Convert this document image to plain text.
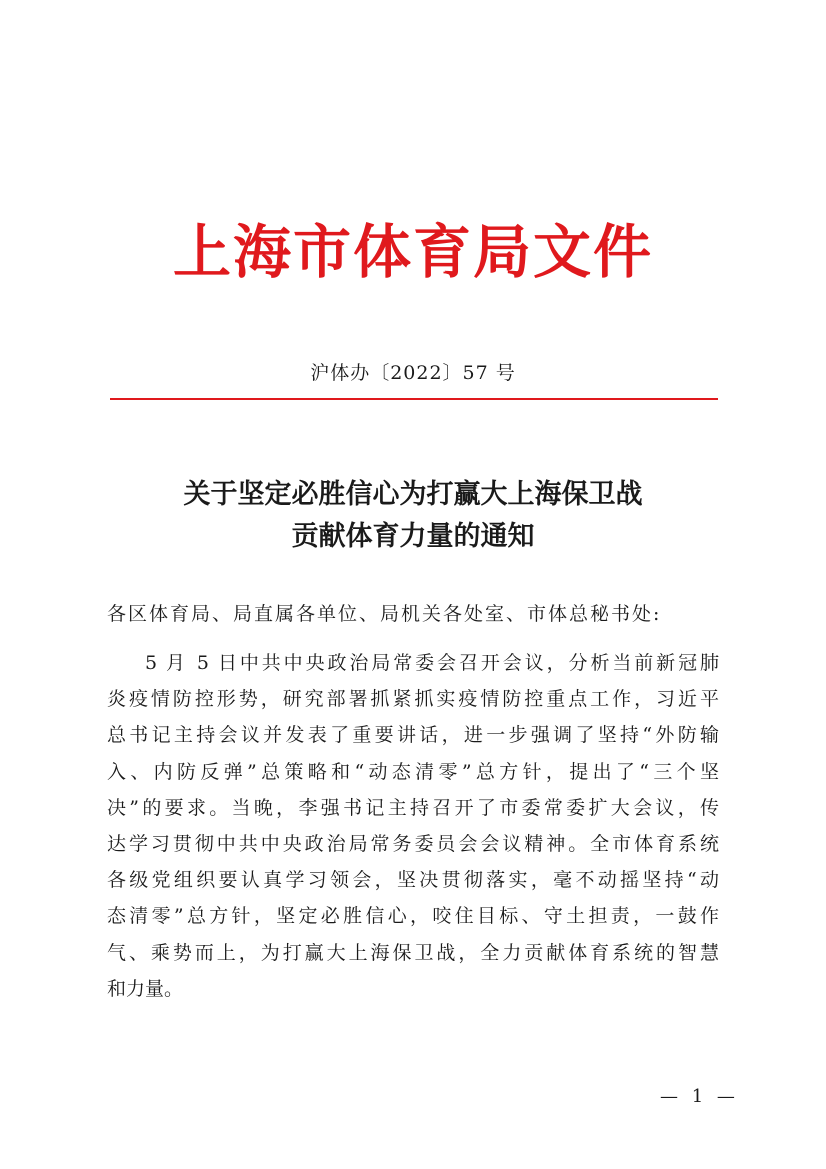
上海市体育局文件
沪体办〔2022〕57 号
关于坚定必胜信心为打赢大上海保卫战
贡献体育力量的通知
各区体育局、局直属各单位、局机关各处室、市体总秘书处:
5 月 5 日中共中央政治局常委会召开会议，分析当前新冠肺
炎疫情防控形势，研究部署抓紧抓实疫情防控重点工作，习近平
总书记主持会议并发表了重要讲话，进一步强调了坚持“外防输
入、内防反弹”总策略和“动态清零”总方针，提出了“三个坚
决”的要求。当晚，李强书记主持召开了市委常委扩大会议，传
达学习贯彻中共中央政治局常务委员会会议精神。全市体育系统
各级党组织要认真学习领会，坚决贯彻落实，毫不动摇坚持“动
态清零”总方针，坚定必胜信心，咬住目标、守土担责，一鼓作
气、乘势而上，为打赢大上海保卫战，全力贡献体育系统的智慧
和力量。
— 1 —
